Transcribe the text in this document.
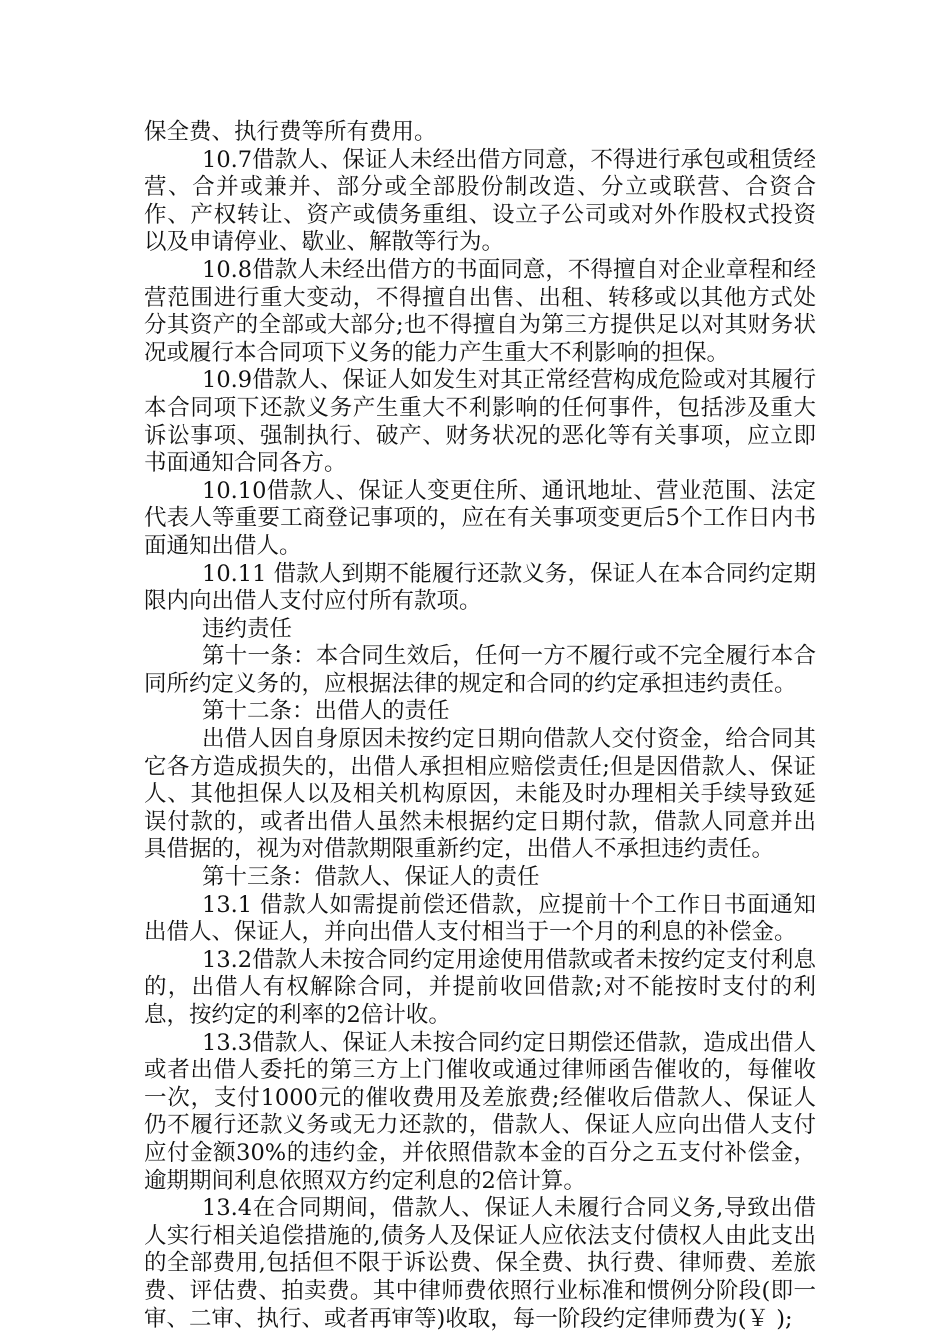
保全费、执行费等所有费用。

10.7借款人、保证人未经出借方同意，不得进行承包或租赁经营、合并或兼并、部分或全部股份制改造、分立或联营、合资合作、产权转让、资产或债务重组、设立子公司或对外作股权式投资以及申请停业、歇业、解散等行为。

10.8借款人未经出借方的书面同意，不得擅自对企业章程和经营范围进行重大变动，不得擅自出售、出租、转移或以其他方式处分其资产的全部或大部分;也不得擅自为第三方提供足以对其财务状况或履行本合同项下义务的能力产生重大不利影响的担保。

10.9借款人、保证人如发生对其正常经营构成危险或对其履行本合同项下还款义务产生重大不利影响的任何事件，包括涉及重大诉讼事项、强制执行、破产、财务状况的恶化等有关事项，应立即书面通知合同各方。

10.10借款人、保证人变更住所、通讯地址、营业范围、法定代表人等重要工商登记事项的，应在有关事项变更后5个工作日内书面通知出借人。

10.11 借款人到期不能履行还款义务，保证人在本合同约定期限内向出借人支付应付所有款项。

违约责任

第十一条：本合同生效后，任何一方不履行或不完全履行本合同所约定义务的，应根据法律的规定和合同的约定承担违约责任。

第十二条：出借人的责任

出借人因自身原因未按约定日期向借款人交付资金，给合同其它各方造成损失的，出借人承担相应赔偿责任;但是因借款人、保证人、其他担保人以及相关机构原因，未能及时办理相关手续导致延误付款的，或者出借人虽然未根据约定日期付款，借款人同意并出具借据的，视为对借款期限重新约定，出借人不承担违约责任。

第十三条：借款人、保证人的责任

13.1 借款人如需提前偿还借款，应提前十个工作日书面通知出借人、保证人，并向出借人支付相当于一个月的利息的补偿金。

13.2借款人未按合同约定用途使用借款或者未按约定支付利息的，出借人有权解除合同，并提前收回借款;对不能按时支付的利息，按约定的利率的2倍计收。

13.3借款人、保证人未按合同约定日期偿还借款，造成出借人或者出借人委托的第三方上门催收或通过律师函告催收的，每催收一次，支付1000元的催收费用及差旅费;经催收后借款人、保证人仍不履行还款义务或无力还款的，借款人、保证人应向出借人支付应付金额30%的违约金，并依照借款本金的百分之五支付补偿金，逾期期间利息依照双方约定利息的2倍计算。

13.4在合同期间，借款人、保证人未履行合同义务,导致出借人实行相关追偿措施的,债务人及保证人应依法支付债权人由此支出的全部费用,包括但不限于诉讼费、保全费、执行费、律师费、差旅费、评估费、拍卖费。其中律师费依照行业标准和惯例分阶段(即一审、二审、执行、或者再审等)收取，每一阶段约定律师费为(￥ );
